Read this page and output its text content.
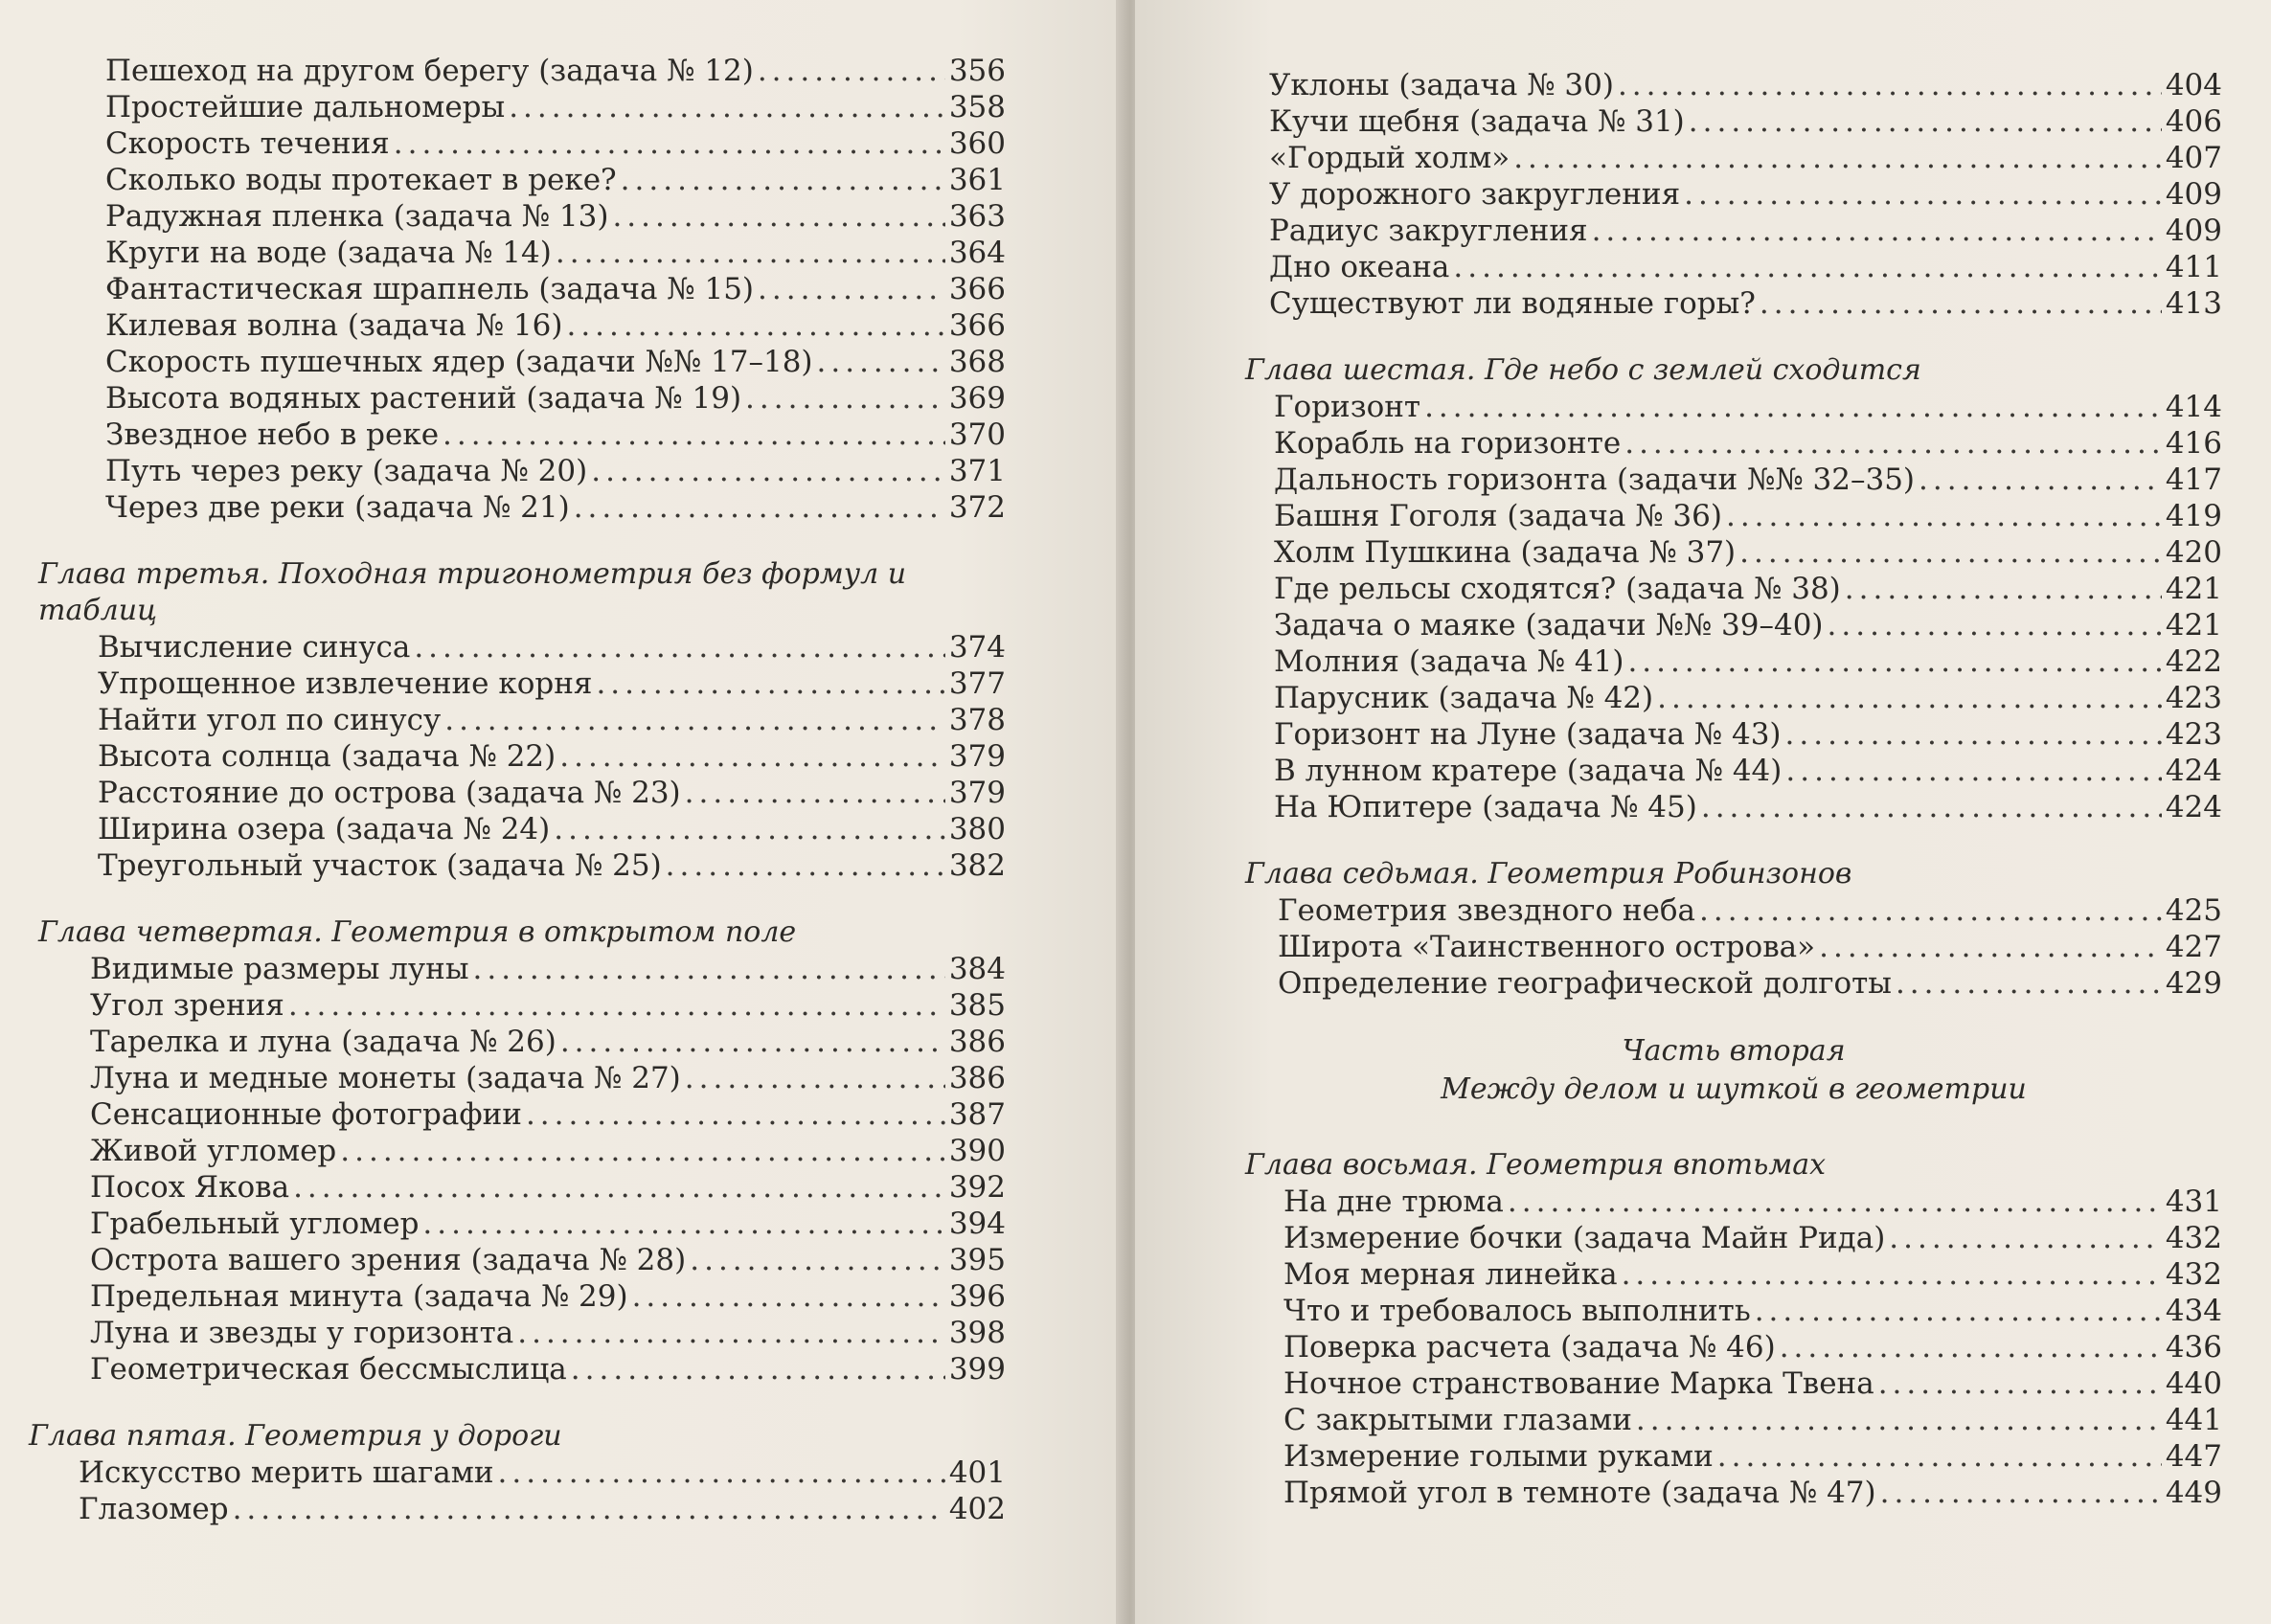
Пешеход на другом берегу (задача № 12) .....	356
Простейшие дальномеры .....	358
Скорость течения .....	360
Сколько воды протекает в реке? .....	361
Радужная пленка (задача № 13) .....	363
Круги на воде (задача № 14) .....	364
Фантастическая шрапнель (задача № 15) .....	366
Килевая волна (задача № 16) .....	366
Скорость пушечных ядер (задачи №№ 17–18) .....	368
Высота водяных растений (задача № 19) .....	369
Звездное небо в реке .....	370
Путь через реку (задача № 20) .....	371
Через две реки (задача № 21) .....	372
Глава третья. Походная тригонометрия без формул и таблиц
Вычисление синуса .....	374
Упрощенное извлечение корня .....	377
Найти угол по синусу .....	378
Высота солнца (задача № 22) .....	379
Расстояние до острова (задача № 23) .....	379
Ширина озера (задача № 24) .....	380
Треугольный участок (задача № 25) .....	382
Глава четвертая. Геометрия в открытом поле
Видимые размеры луны .....	384
Угол зрения .....	385
Тарелка и луна (задача № 26) .....	386
Луна и медные монеты (задача № 27) .....	386
Сенсационные фотографии .....	387
Живой угломер .....	390
Посох Якова .....	392
Грабельный угломер .....	394
Острота вашего зрения (задача № 28) .....	395
Предельная минута (задача № 29) .....	396
Луна и звезды у горизонта .....	398
Геометрическая бессмыслица .....	399
Глава пятая. Геометрия у дороги
Искусство мерить шагами .....	401
Глазомер .....	402
Уклоны (задача № 30) .....	404
Кучи щебня (задача № 31) .....	406
«Гордый холм» .....	407
У дорожного закругления .....	409
Радиус закругления .....	409
Дно океана .....	411
Существуют ли водяные горы? .....	413
Глава шестая. Где небо с землей сходится
Горизонт .....	414
Корабль на горизонте .....	416
Дальность горизонта (задачи №№ 32–35) .....	417
Башня Гоголя (задача № 36) .....	419
Холм Пушкина (задача № 37) .....	420
Где рельсы сходятся? (задача № 38) .....	421
Задача о маяке (задачи №№ 39–40) .....	421
Молния (задача № 41) .....	422
Парусник (задача № 42) .....	423
Горизонт на Луне (задача № 43) .....	423
В лунном кратере (задача № 44) .....	424
На Юпитере (задача № 45) .....	424
Глава седьмая. Геометрия Робинзонов
Геометрия звездного неба .....	425
Широта «Таинственного острова» .....	427
Определение географической долготы .....	429
Часть вторая
Между делом и шуткой в геометрии
Глава восьмая. Геометрия впотьмах
На дне трюма .....	431
Измерение бочки (задача Майн Рида) .....	432
Моя мерная линейка .....	432
Что и требовалось выполнить .....	434
Поверка расчета (задача № 46) .....	436
Ночное странствование Марка Твена .....	440
С закрытыми глазами .....	441
Измерение голыми руками .....	447
Прямой угол в темноте (задача № 47) .....	449
